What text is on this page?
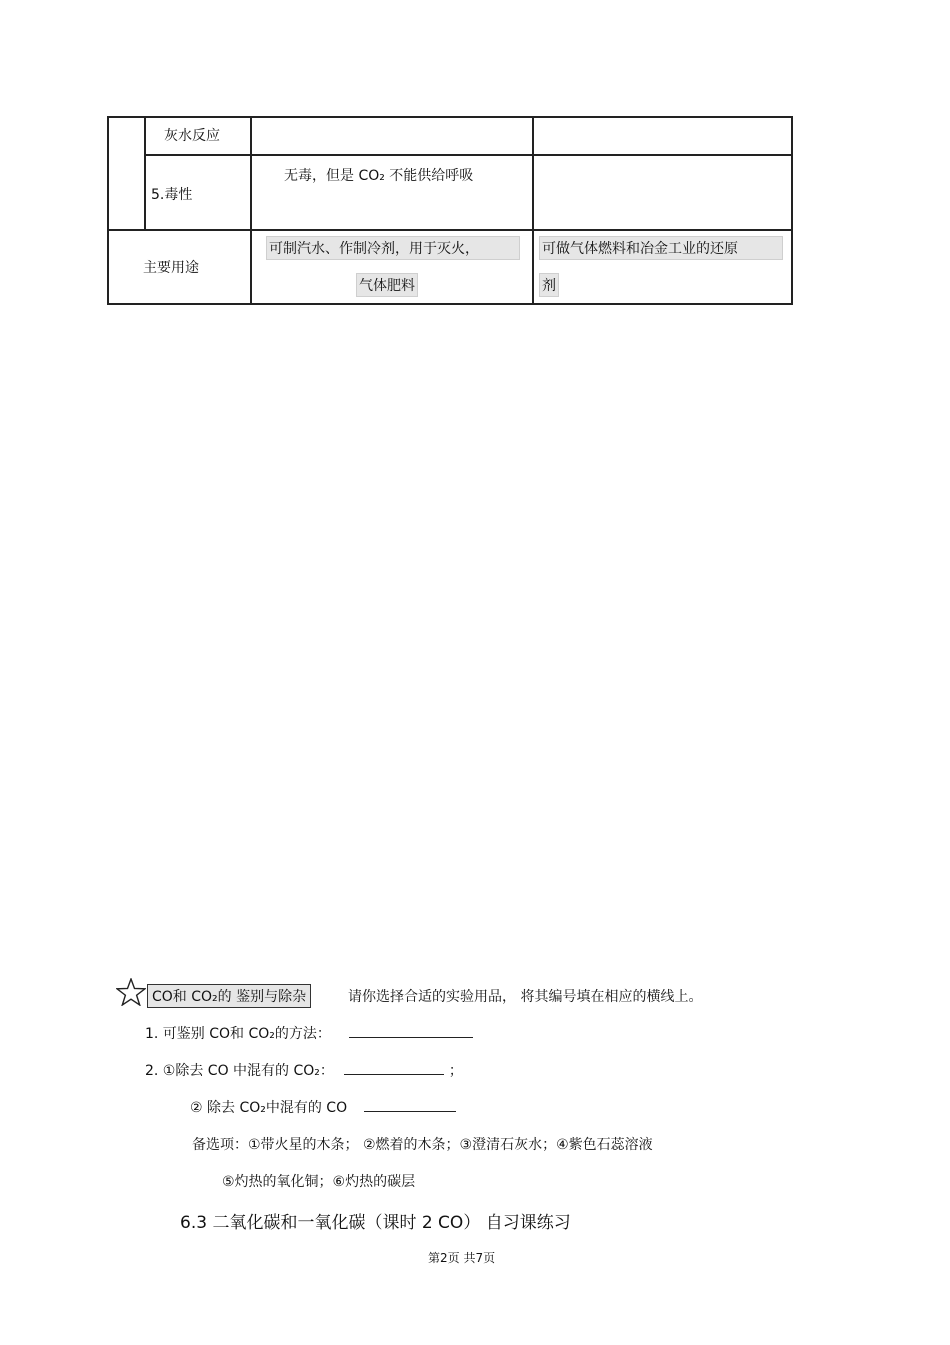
灰水反应
5.毒性
无毒，但是 CO₂ 不能供给呼吸
主要用途
可制汽水、作制冷剂，用于灭火，
气体肥料
可做气体燃料和冶金工业的还原
剂
CO和 CO₂的 鉴别与除杂	请你选择合适的实验用品， 将其编号填在相应的横线上。
1. 可鉴别 CO和 CO₂的方法：
2. ①除去 CO 中混有的 CO₂：	；
② 除去 CO₂中混有的 CO
备选项：①带火星的木条； ②燃着的木条；③澄清石灰水；④紫色石蕊溶液
⑤灼热的氧化铜；⑥灼热的碳层
6.3 二氧化碳和一氧化碳（课时 2 CO） 自习课练习
第2页 共7页
